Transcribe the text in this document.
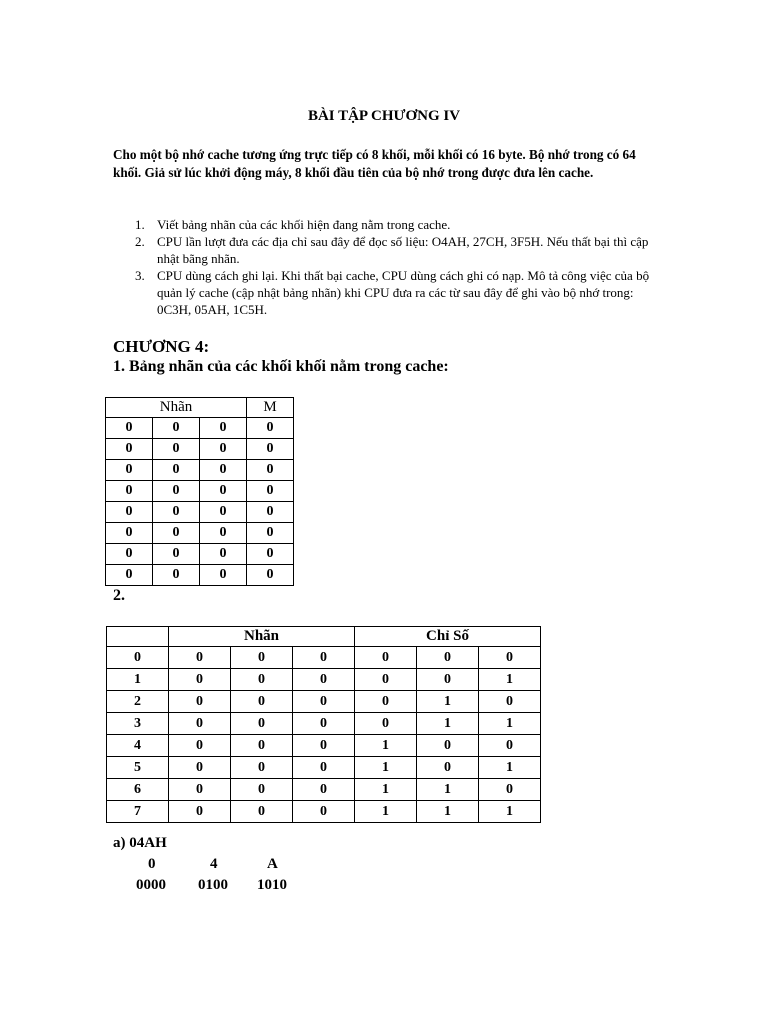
BÀI TẬP CHƯƠNG IV
Cho một bộ nhớ cache tương ứng trực tiếp có 8 khối, mỗi khối có 16 byte. Bộ nhớ trong có 64 khối. Giả sử lúc khởi động máy, 8 khối đầu tiên của bộ nhớ trong được đưa lên cache.
1. Viết bảng nhãn của các khối hiện đang nằm trong cache.
2. CPU lần lượt đưa các địa chỉ sau đây để đọc số liệu: O4AH, 27CH, 3F5H. Nếu thất bại thì cập nhật bãng nhãn.
3. CPU dùng cách ghi lại. Khi thất bại cache, CPU dùng cách ghi có nạp. Mô tả công việc của bộ quản lý cache (cập nhật bảng nhãn) khi CPU đưa ra các từ sau đây để ghi vào bộ nhớ trong: 0C3H, 05AH, 1C5H.
CHƯƠNG 4:
1. Bảng nhãn của các khối khối nằm trong cache:
Nhãn			M
0	0	0	0
0	0	0	0
0	0	0	0
0	0	0	0
0	0	0	0
0	0	0	0
0	0	0	0
0	0	0	0
2.
	Nhãn			Chỉ Số		
0	0	0	0	0	0	0
1	0	0	0	0	0	1
2	0	0	0	0	1	0
3	0	0	0	0	1	1
4	0	0	0	1	0	0
5	0	0	0	1	0	1
6	0	0	0	1	1	0
7	0	0	0	1	1	1
a) 04AH
0	4	A
0000 0100 1010
